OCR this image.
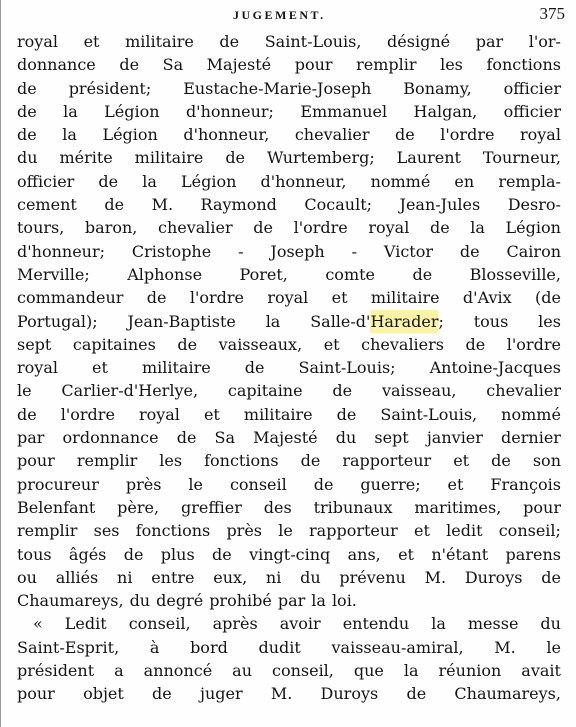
JUGEMENT.	375
royal et militaire de Saint-Louis, désigné par l'or-
donnance de Sa Majesté pour remplir les fonctions
de président; Eustache-Marie-Joseph Bonamy, officier
de la Légion d'honneur; Emmanuel Halgan, officier
de la Légion d'honneur, chevalier de l'ordre royal
du mérite militaire de Wurtemberg; Laurent Tourneur,
officier de la Légion d'honneur, nommé en rempla-
cement de M. Raymond Cocault; Jean-Jules Desro-
tours, baron, chevalier de l'ordre royal de la Légion
d'honneur; Cristophe - Joseph - Victor de Cairon
Merville; Alphonse Poret, comte de Blosseville,
commandeur de l'ordre royal et militaire d'Avix (de
Portugal); Jean-Baptiste la Salle-d'Harader; tous les
sept capitaines de vaisseaux, et chevaliers de l'ordre
royal et militaire de Saint-Louis; Antoine-Jacques
le Carlier-d'Herlye, capitaine de vaisseau, chevalier
de l'ordre royal et militaire de Saint-Louis, nommé
par ordonnance de Sa Majesté du sept janvier dernier
pour remplir les fonctions de rapporteur et de son
procureur près le conseil de guerre; et François
Belenfant père, greffier des tribunaux maritimes, pour
remplir ses fonctions près le rapporteur et ledit conseil;
tous âgés de plus de vingt-cinq ans, et n'étant parens
ou alliés ni entre eux, ni du prévenu M. Duroys de
Chaumareys, du degré prohibé par la loi.
« Ledit conseil, après avoir entendu la messe du
Saint-Esprit, à bord dudit vaisseau-amiral, M. le
président a annoncé au conseil, que la réunion avait
pour objet de juger M. Duroys de Chaumareys,
